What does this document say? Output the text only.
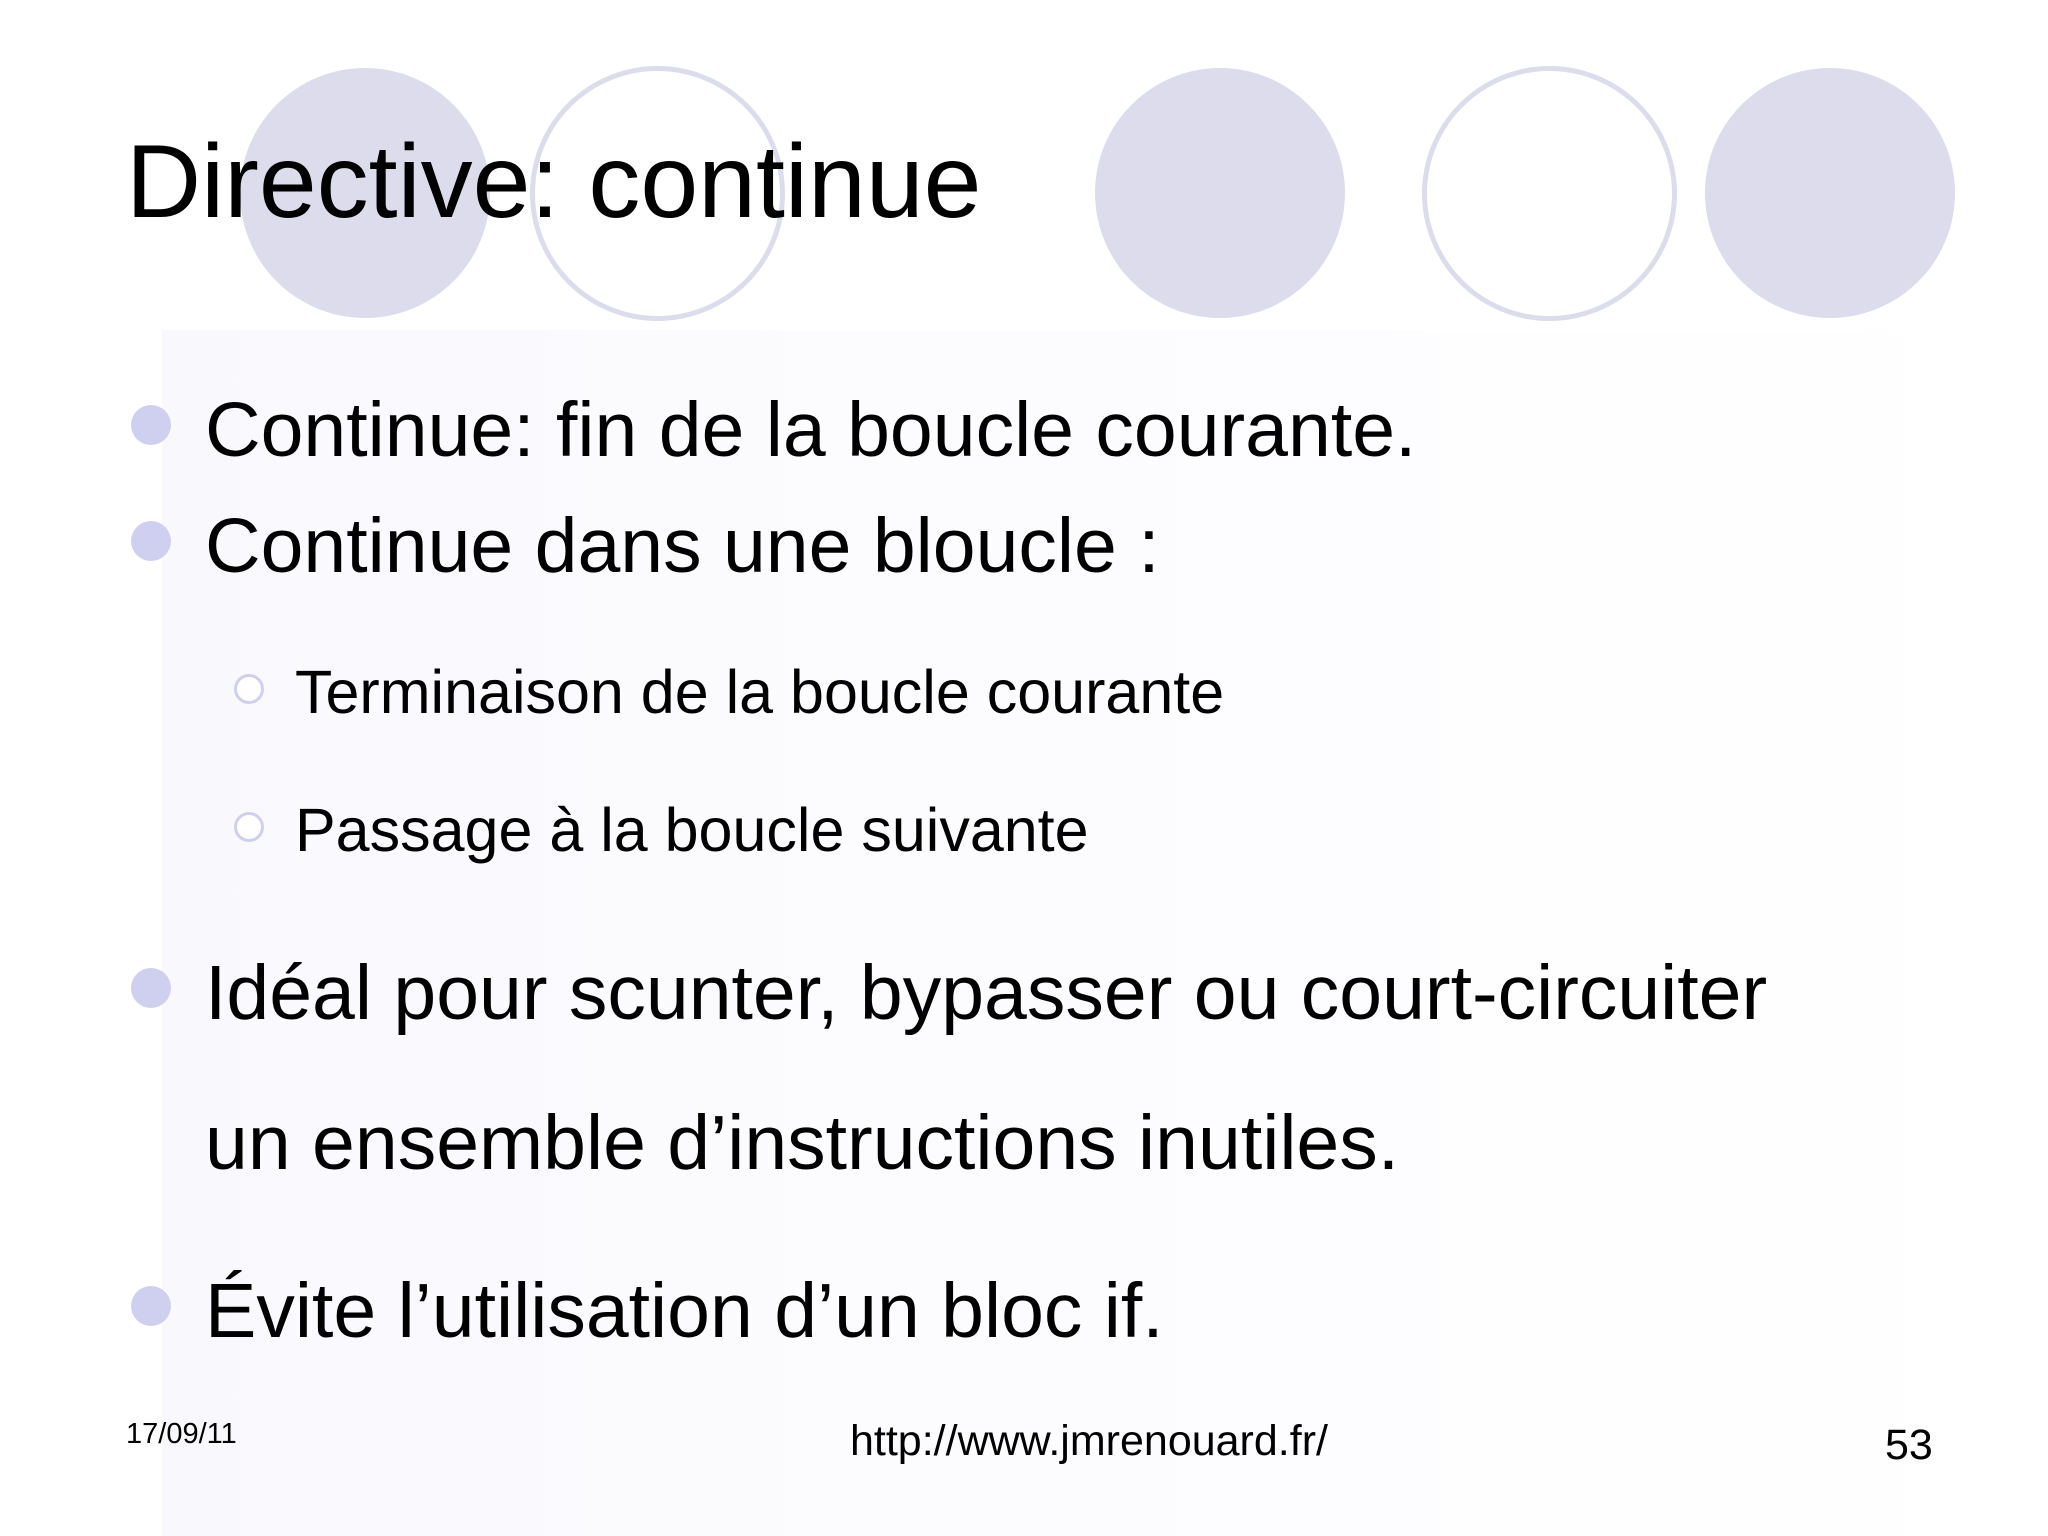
Directive: continue
Continue: fin de la boucle courante.
Continue dans une bloucle :
Terminaison de la boucle courante
Passage à la boucle suivante
Idéal pour scunter, bypasser ou court-circuiter
un ensemble d’instructions inutiles.
Évite l’utilisation d’un bloc if.
17/09/11	http://www.jmrenouard.fr/	53
